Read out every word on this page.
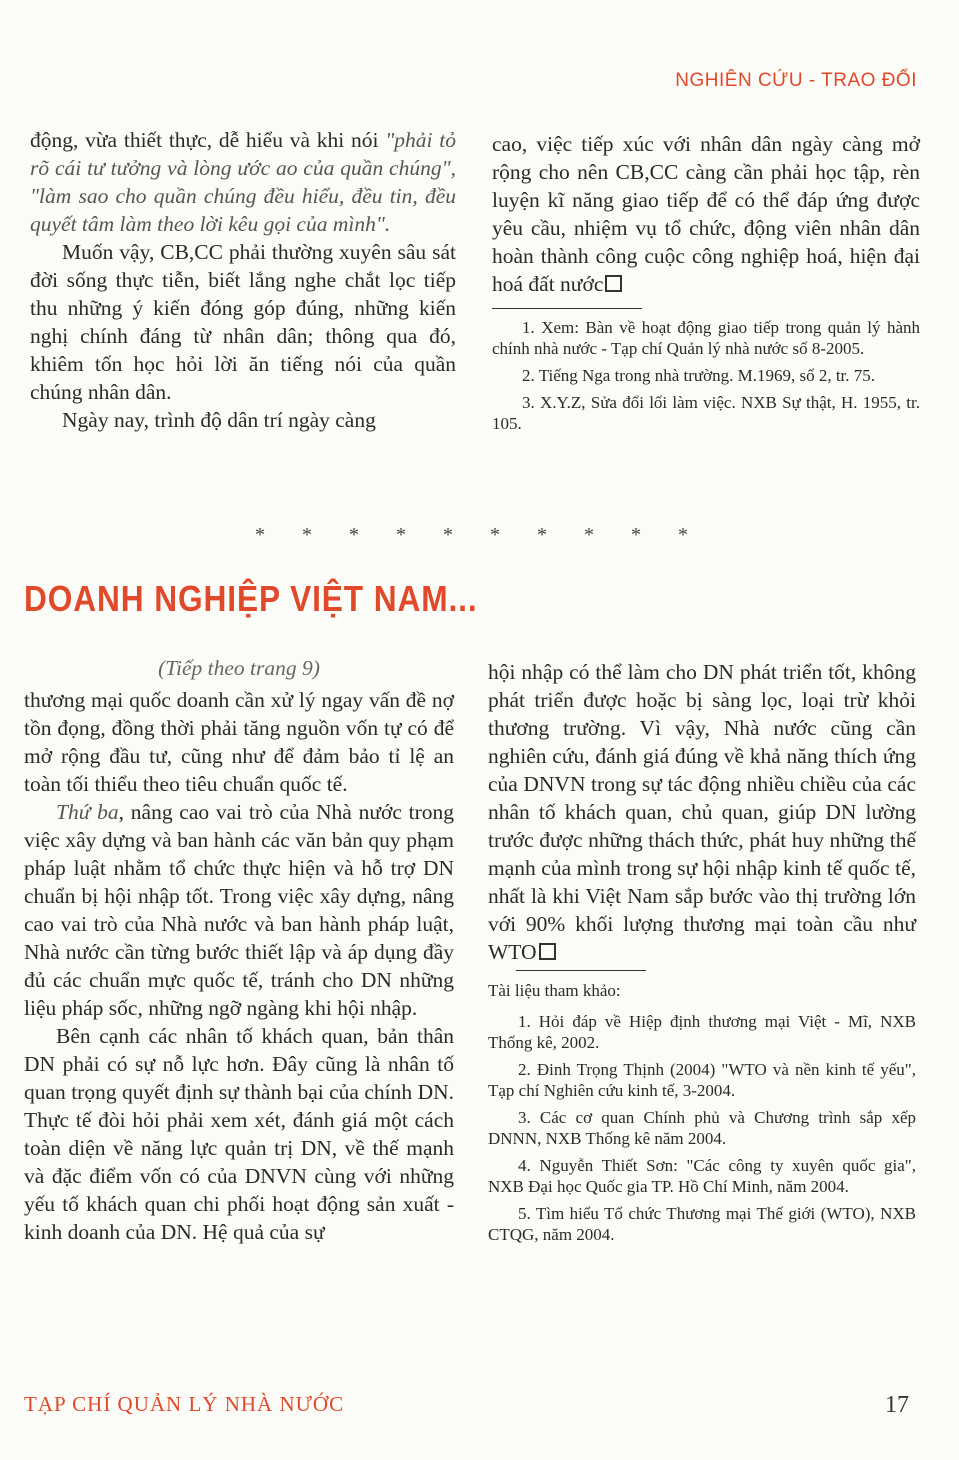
NGHIÊN CỨU - TRAO ĐỔI

động, vừa thiết thực, dễ hiểu và khi nói "phải tỏ rõ cái tư tưởng và lòng ước ao của quần chúng", "làm sao cho quần chúng đều hiểu, đều tin, đều quyết tâm làm theo lời kêu gọi của mình".

Muốn vậy, CB,CC phải thường xuyên sâu sát đời sống thực tiễn, biết lắng nghe chắt lọc tiếp thu những ý kiến đóng góp đúng, những kiến nghị chính đáng từ nhân dân; thông qua đó, khiêm tốn học hỏi lời ăn tiếng nói của quần chúng nhân dân.

Ngày nay, trình độ dân trí ngày càng

cao, việc tiếp xúc với nhân dân ngày càng mở rộng cho nên CB,CC càng cần phải học tập, rèn luyện kĩ năng giao tiếp để có thể đáp ứng được yêu cầu, nhiệm vụ tổ chức, động viên nhân dân hoàn thành công cuộc công nghiệp hoá, hiện đại hoá đất nước

1. Xem: Bàn về hoạt động giao tiếp trong quản lý hành chính nhà nước - Tạp chí Quản lý nhà nước số 8-2005.

2. Tiếng Nga trong nhà trường. M.1969, số 2, tr. 75.

3. X.Y.Z, Sửa đổi lối làm việc. NXB Sự thật, H. 1955, tr. 105.

* * * * * * * * * *
DOANH NGHIỆP VIỆT NAM...

(Tiếp theo trang 9)

thương mại quốc doanh cần xử lý ngay vấn đề nợ tồn đọng, đồng thời phải tăng nguồn vốn tự có để mở rộng đầu tư, cũng như để đảm bảo tỉ lệ an toàn tối thiểu theo tiêu chuẩn quốc tế.

Thứ ba, nâng cao vai trò của Nhà nước trong việc xây dựng và ban hành các văn bản quy phạm pháp luật nhằm tổ chức thực hiện và hỗ trợ DN chuẩn bị hội nhập tốt. Trong việc xây dựng, nâng cao vai trò của Nhà nước và ban hành pháp luật, Nhà nước cần từng bước thiết lập và áp dụng đầy đủ các chuẩn mực quốc tế, tránh cho DN những liệu pháp sốc, những ngỡ ngàng khi hội nhập.

Bên cạnh các nhân tố khách quan, bản thân DN phải có sự nỗ lực hơn. Đây cũng là nhân tố quan trọng quyết định sự thành bại của chính DN. Thực tế đòi hỏi phải xem xét, đánh giá một cách toàn diện về năng lực quản trị DN, về thế mạnh và đặc điểm vốn có của DNVN cùng với những yếu tố khách quan chi phối hoạt động sản xuất - kinh doanh của DN. Hệ quả của sự

hội nhập có thể làm cho DN phát triển tốt, không phát triển được hoặc bị sàng lọc, loại trừ khỏi thương trường. Vì vậy, Nhà nước cũng cần nghiên cứu, đánh giá đúng về khả năng thích ứng của DNVN trong sự tác động nhiều chiều của các nhân tố khách quan, chủ quan, giúp DN lường trước được những thách thức, phát huy những thế mạnh của mình trong sự hội nhập kinh tế quốc tế, nhất là khi Việt Nam sắp bước vào thị trường lớn với 90% khối lượng thương mại toàn cầu như WTO

Tài liệu tham khảo:

1. Hỏi đáp về Hiệp định thương mại Việt - Mĩ, NXB Thống kê, 2002.

2. Đinh Trọng Thịnh (2004) "WTO và nền kinh tế yếu", Tạp chí Nghiên cứu kinh tế, 3-2004.

3. Các cơ quan Chính phủ và Chương trình sắp xếp DNNN, NXB Thống kê năm 2004.

4. Nguyễn Thiết Sơn: "Các công ty xuyên quốc gia", NXB Đại học Quốc gia TP. Hồ Chí Minh, năm 2004.

5. Tìm hiểu Tổ chức Thương mại Thế giới (WTO), NXB CTQG, năm 2004.

TẠP CHÍ QUẢN LÝ NHÀ NƯỚC	17
